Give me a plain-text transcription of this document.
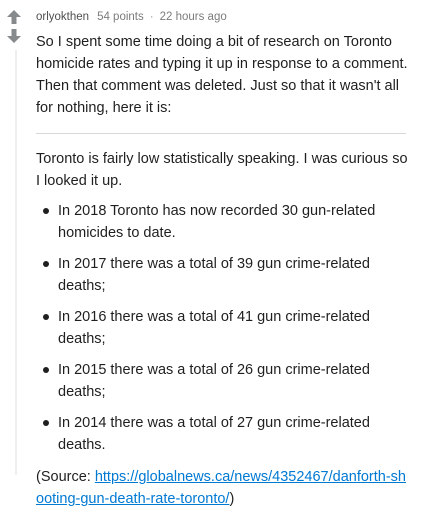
orlyokthen 54 points · 22 hours ago

So I spent some time doing a bit of research on Toronto homicide rates and typing it up in response to a comment. Then that comment was deleted. Just so that it wasn't all for nothing, here it is:

Toronto is fairly low statistically speaking. I was curious so I looked it up.

In 2018 Toronto has now recorded 30 gun-related homicides to date.
In 2017 there was a total of 39 gun crime-related deaths;
In 2016 there was a total of 41 gun crime-related deaths;
In 2015 there was a total of 26 gun crime-related deaths;
In 2014 there was a total of 27 gun crime-related deaths.

(Source: https://globalnews.ca/news/4352467/danforth-shooting-gun-death-rate-toronto/)
